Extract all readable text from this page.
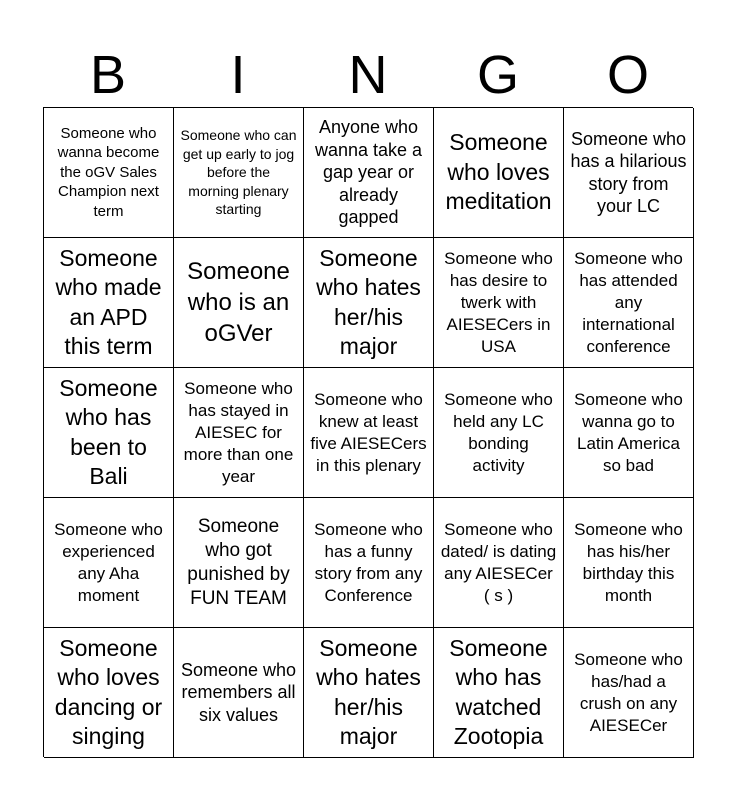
B	I	N	G	O
Someone who wanna become the oGV Sales Champion next term
Someone who can get up early to jog before the morning plenary starting
Anyone who wanna take a gap year or already gapped
Someone who loves meditation
Someone who has a hilarious story from your LC
Someone who made an APD this term
Someone who is an oGVer
Someone who hates her/his major
Someone who has desire to twerk with AIESECers in USA
Someone who has attended any international conference
Someone who has been to Bali
Someone who has stayed in AIESEC for more than one year
Someone who knew at least five AIESECers in this plenary
Someone who held any LC bonding activity
Someone who wanna go to Latin America so bad
Someone who experienced any Aha moment
Someone who got punished by FUN TEAM
Someone who has a funny story from any Conference
Someone who dated/ is dating any AIESECer ( s )
Someone who has his/her birthday this month
Someone who loves dancing or singing
Someone who remembers all six values
Someone who hates her/his major
Someone who has watched Zootopia
Someone who has/had a crush on any AIESECer
